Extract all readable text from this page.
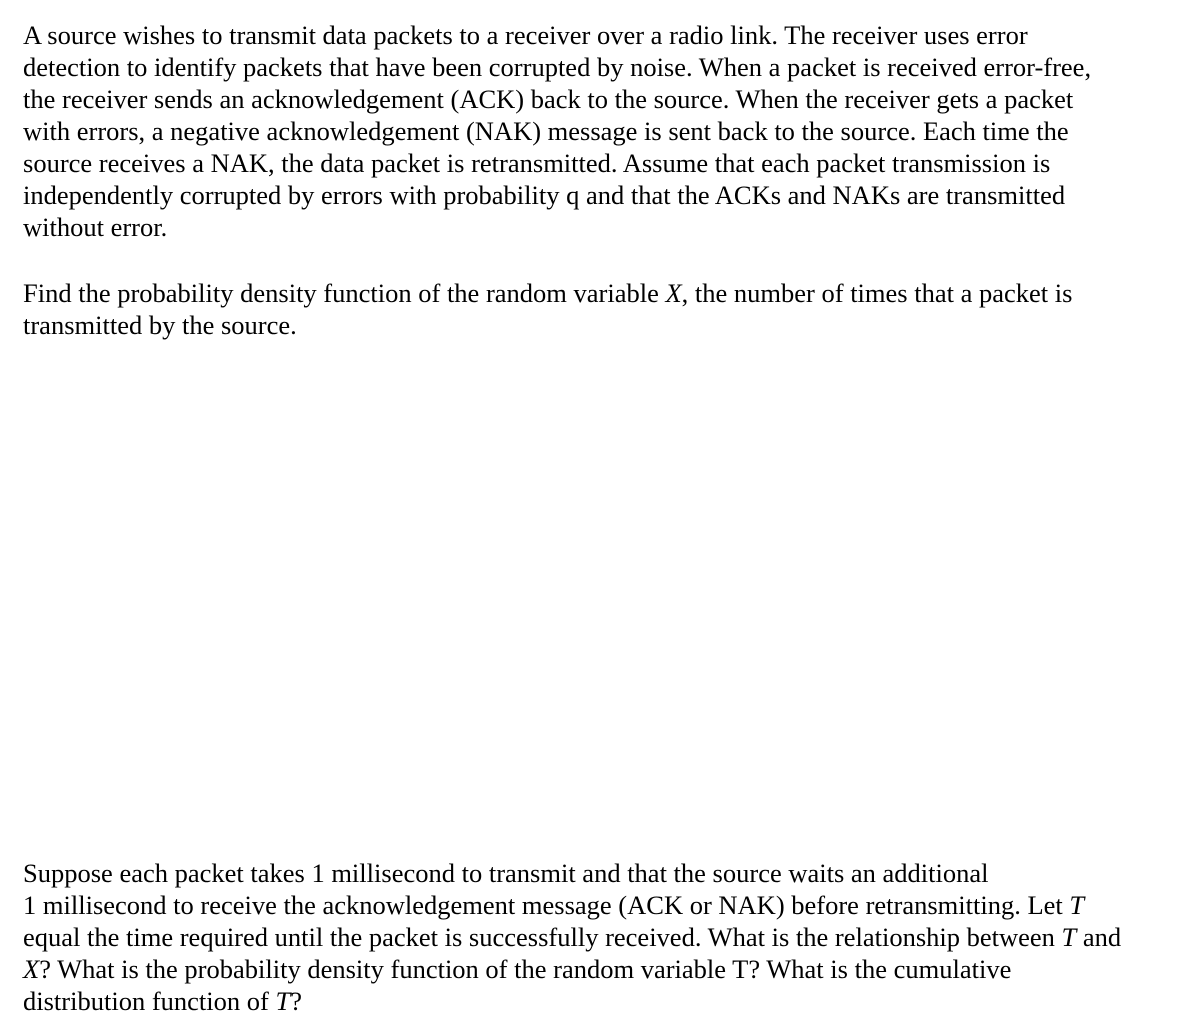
A source wishes to transmit data packets to a receiver over a radio link. The receiver uses error
detection to identify packets that have been corrupted by noise. When a packet is received error-free,
the receiver sends an acknowledgement (ACK) back to the source. When the receiver gets a packet
with errors, a negative acknowledgement (NAK) message is sent back to the source. Each time the
source receives a NAK, the data packet is retransmitted. Assume that each packet transmission is
independently corrupted by errors with probability q and that the ACKs and NAKs are transmitted
without error.
Find the probability density function of the random variable X, the number of times that a packet is
transmitted by the source.
Suppose each packet takes 1 millisecond to transmit and that the source waits an additional
1 millisecond to receive the acknowledgement message (ACK or NAK) before retransmitting. Let T
equal the time required until the packet is successfully received. What is the relationship between T and
X? What is the probability density function of the random variable T? What is the cumulative
distribution function of T?
